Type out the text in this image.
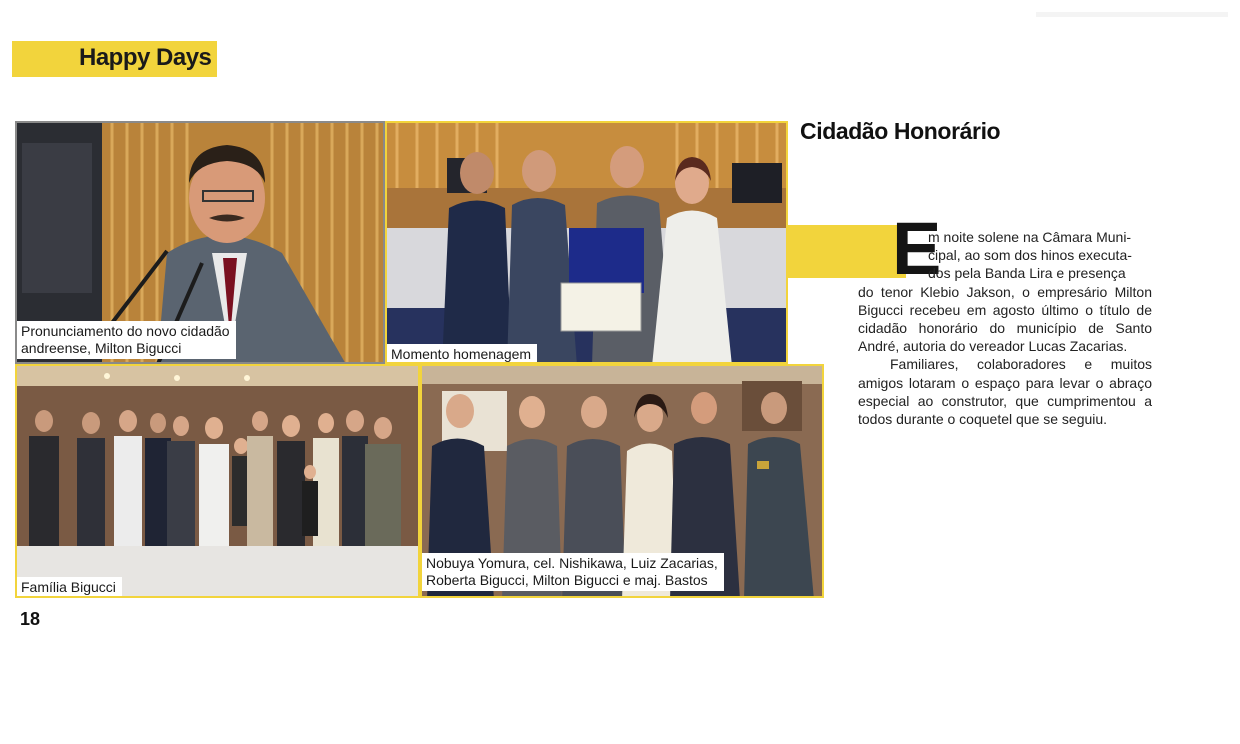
Happy Days
Pronunciamento do novo cidadão
andreense, Milton Bigucci	Momento homenagem
Família Bigucci
Nobuya Yomura, cel. Nishikawa, Luiz Zacarias,
Roberta Bigucci, Milton Bigucci e maj. Bastos
Cidadão Honorário
E

m noite solene na Câmara Muni-
cipal, ao som dos hinos executa-
dos pela Banda Lira e presença
do tenor Klebio Jakson, o empresário Milton Bigucci recebeu em agosto último o título de cidadão honorário do município de Santo André, autoria do vereador Lucas Zacarias.

Familiares, colaboradores e muitos amigos lotaram o espaço para levar o abraço especial ao construtor, que cumprimentou a todos durante o coquetel que se seguiu.

18
